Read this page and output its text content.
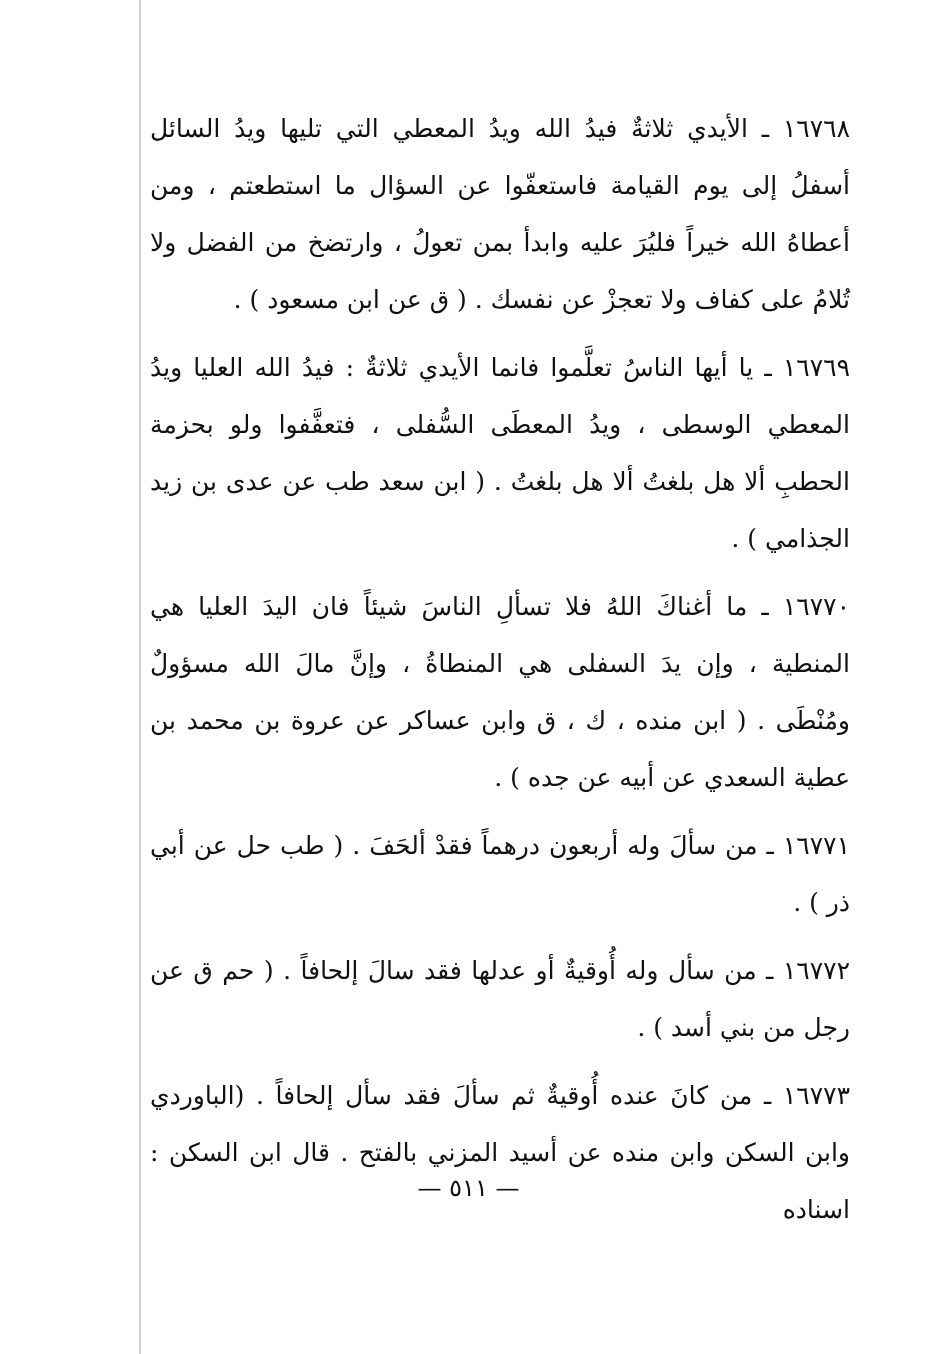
١٦٧٦٨ ـ الأيدي ثلاثةٌ فيدُ الله ويدُ المعطي التي تليها ويدُ السائل أسفلُ إلى يوم القيامة فاستعفّوا عن السؤال ما استطعتم ، ومن أعطاهُ الله خيراً فليُرَ عليه وابدأ بمن تعولُ ، وارتضخ من الفضل ولا تُلامُ على كفاف ولا تعجزْ عن نفسك . ( ق عن ابن مسعود ) .

١٦٧٦٩ ـ يا أيها الناسُ تعلَّموا فانما الأيدي ثلاثةٌ : فيدُ الله العليا ويدُ المعطي الوسطى ، ويدُ المعطَى السُّفلى ، فتعفَّفوا ولو بحزمة الحطبِ ألا هل بلغتُ ألا هل بلغتُ . ( ابن سعد طب عن عدى بن زيد الجذامي ) .

١٦٧٧٠ ـ ما أغناكَ اللهُ فلا تسألِ الناسَ شيئاً فان اليدَ العليا هي المنطية ، وإن يدَ السفلى هي المنطاةُ ، وإنَّ مالَ الله مسؤولٌ ومُنْطَى . ( ابن منده ، ك ، ق وابن عساكر عن عروة بن محمد بن عطية السعدي عن أبيه عن جده ) .

١٦٧٧١ ـ من سألَ وله أربعون درهماً فقدْ ألحَفَ . ( طب حل عن أبي ذر ) .

١٦٧٧٢ ـ من سأل وله أُوقيةٌ أو عدلها فقد سالَ إلحافاً . ( حم ق عن رجل من بني أسد ) .

١٦٧٧٣ ـ من كانَ عنده أُوقيةٌ ثم سألَ فقد سأل إلحافاً . (الباوردي وابن السكن وابن منده عن أسيد المزني بالفتح . قال ابن السكن : اسناده

— ٥١١ —
